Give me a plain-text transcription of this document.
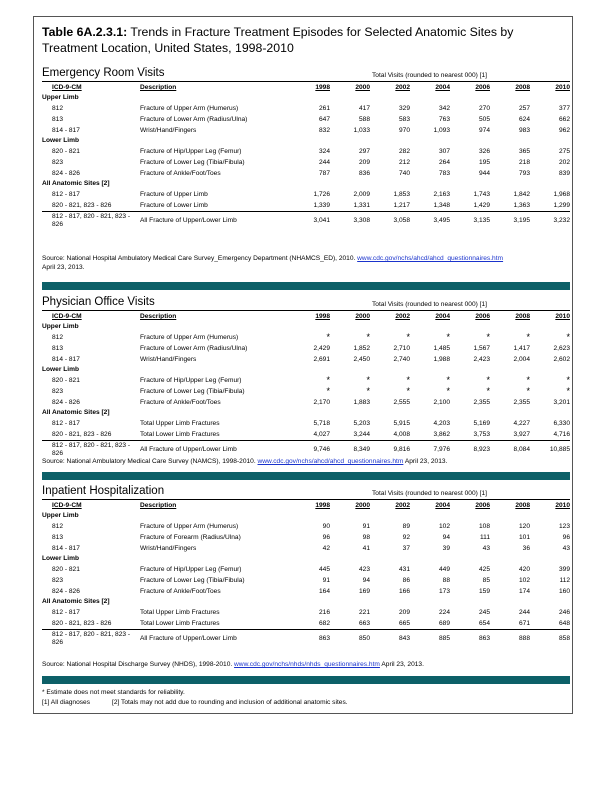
Table 6A.2.3.1: Trends in Fracture Treatment Episodes for Selected Anatomic Sites by Treatment Location, United States, 1998-2010
Emergency Room Visits	Total Visits (rounded to nearest 000) [1]
ICD-9-CM	Description	1998	2000	2002	2004	2006	2008	2010
Upper Limb								
812	Fracture of Upper Arm (Humerus)	261	417	329	342	270	257	377
813	Fracture of Lower Arm (Radius/Ulna)	647	588	583	763	505	624	662
814 - 817	Wrist/Hand/Fingers	832	1,033	970	1,093	974	983	962
Lower Limb								
820 - 821	Fracture of Hip/Upper Leg (Femur)	324	297	282	307	326	365	275
823	Fracture of Lower Leg (Tibia/Fibula)	244	209	212	264	195	218	202
824 - 826	Fracture of Ankle/Foot/Toes	787	836	740	783	944	793	839
All Anatomic Sites [2]								
812 - 817	Fracture of Upper Limb	1,726	2,009	1,853	2,163	1,743	1,842	1,968
820 - 821, 823 - 826	Fracture of Lower Limb	1,339	1,331	1,217	1,348	1,429	1,363	1,299
812 - 817, 820 - 821, 823 - 826	All Fracture of Upper/Lower Limb	3,041	3,308	3,058	3,495	3,135	3,195	3,232
Source: National Hospital Ambulatory Medical Care Survey_Emergency Department (NHAMCS_ED), 2010. www.cdc.gov/nchs/ahcd/ahcd_questionnaires.htm
April 23, 2013.
Physician Office Visits	Total Visits (rounded to nearest 000) [1]
ICD-9-CM	Description	1998	2000	2002	2004	2006	2008	2010
Upper Limb								
812	Fracture of Upper Arm (Humerus)	*	*	*	*	*	*	*
813	Fracture of Lower Arm (Radius/Ulna)	2,429	1,852	2,710	1,485	1,567	1,417	2,623
814 - 817	Wrist/Hand/Fingers	2,691	2,450	2,740	1,988	2,423	2,004	2,602
Lower Limb								
820 - 821	Fracture of Hip/Upper Leg (Femur)	*	*	*	*	*	*	*
823	Fracture of Lower Leg (Tibia/Fibula)	*	*	*	*	*	*	*
824 - 826	Fracture of Ankle/Foot/Toes	2,170	1,883	2,555	2,100	2,355	2,355	3,201
All Anatomic Sites [2]								
812 - 817	Total Upper Limb Fractures	5,718	5,203	5,915	4,203	5,169	4,227	6,330
820 - 821, 823 - 826	Total Lower Limb Fractures	4,027	3,244	4,008	3,862	3,753	3,927	4,716
812 - 817, 820 - 821, 823 - 826	All Fracture of Upper/Lower Limb	9,746	8,349	9,816	7,976	8,923	8,084	10,885
Source: National Ambulatory Medical Care Survey (NAMCS), 1998-2010. www.cdc.gov/nchs/ahcd/ahcd_questionnaires.htm April 23, 2013.
Inpatient Hospitalization	Total Visits (rounded to nearest 000) [1]
ICD-9-CM	Description	1998	2000	2002	2004	2006	2008	2010
Upper Limb								
812	Fracture of Upper Arm (Humerus)	90	91	89	102	108	120	123
813	Fracture of Forearm (Radius/Ulna)	96	98	92	94	111	101	96
814 - 817	Wrist/Hand/Fingers	42	41	37	39	43	36	43
Lower Limb								
820 - 821	Fracture of Hip/Upper Leg (Femur)	445	423	431	449	425	420	399
823	Fracture of Lower Leg (Tibia/Fibula)	91	94	86	88	85	102	112
824 - 826	Fracture of Ankle/Foot/Toes	164	169	166	173	159	174	160
All Anatomic Sites [2]								
812 - 817	Total Upper Limb Fractures	216	221	209	224	245	244	246
820 - 821, 823 - 826	Total Lower Limb Fractures	682	663	665	689	654	671	648
812 - 817, 820 - 821, 823 - 826	All Fracture of Upper/Lower Limb	863	850	843	885	863	888	858
Source: National Hospital Discharge Survey (NHDS), 1998-2010. www.cdc.gov/nchs/nhds/nhds_questionnaires.htm April 23, 2013.
* Estimate does not meet standards for reliability.
[1] All diagnoses	[2] Totals may not add due to rounding and inclusion of additional anatomic sites.
